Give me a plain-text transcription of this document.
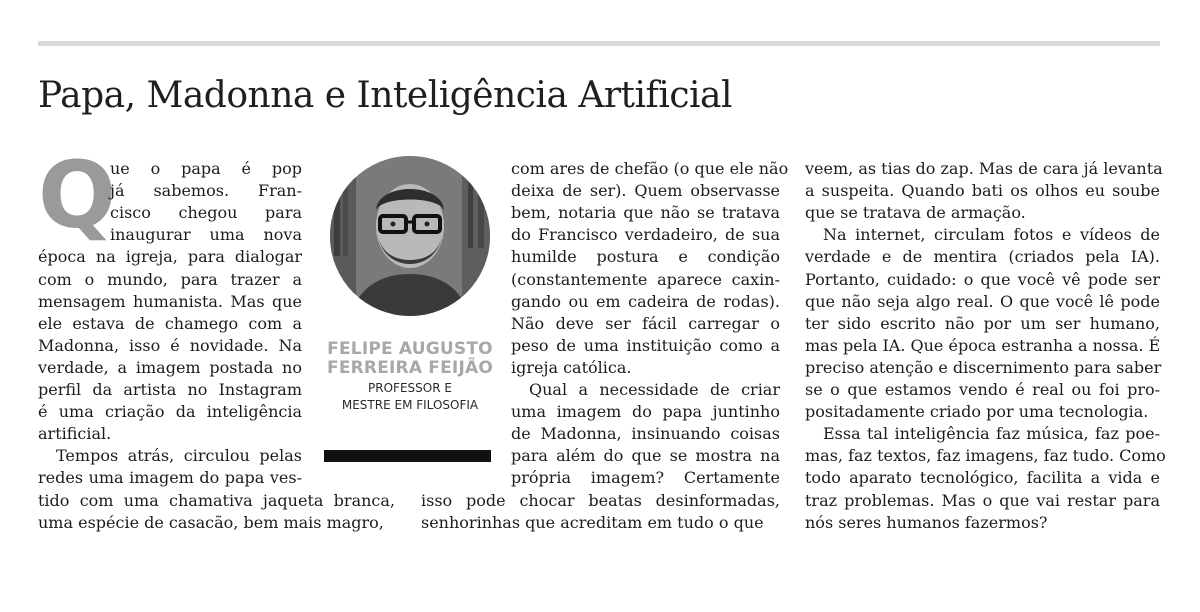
Papa, Madonna e Inteligência Artificial
Q
FELIPE AUGUSTO
FERREIRA FEIJÃO
PROFESSOR E
MESTRE EM FILOSOFIA
ue o papa é pop
já sabemos. Fran-
cisco chegou para
inaugurar uma nova
época na igreja, para dialogar
com o mundo, para trazer a
mensagem humanista. Mas que
ele estava de chamego com a
Madonna, isso é novidade. Na
verdade, a imagem postada no
perfil da artista no Instagram
é uma criação da inteligência
artificial.
Tempos atrás, circulou pelas
redes uma imagem do papa ves-
tido com uma chamativa jaqueta branca,
uma espécie de casacão, bem mais magro,
com ares de chefão (o que ele não
deixa de ser). Quem observasse
bem, notaria que não se tratava
do Francisco verdadeiro, de sua
humilde postura e condição
(constantemente aparece caxin-
gando ou em cadeira de rodas).
Não deve ser fácil carregar o
peso de uma instituição como a
igreja católica.
Qual a necessidade de criar
uma imagem do papa juntinho
de Madonna, insinuando coisas
para além do que se mostra na
própria imagem? Certamente
isso pode chocar beatas desinformadas,
senhorinhas que acreditam em tudo o que
veem, as tias do zap. Mas de cara já levanta
a suspeita. Quando bati os olhos eu soube
que se tratava de armação.
Na internet, circulam fotos e vídeos de
verdade e de mentira (criados pela IA).
Portanto, cuidado: o que você vê pode ser
que não seja algo real. O que você lê pode
ter sido escrito não por um ser humano,
mas pela IA. Que época estranha a nossa. É
preciso atenção e discernimento para saber
se o que estamos vendo é real ou foi pro-
positadamente criado por uma tecnologia.
Essa tal inteligência faz música, faz poe-
mas, faz textos, faz imagens, faz tudo. Como
todo aparato tecnológico, facilita a vida e
traz problemas. Mas o que vai restar para
nós seres humanos fazermos?
